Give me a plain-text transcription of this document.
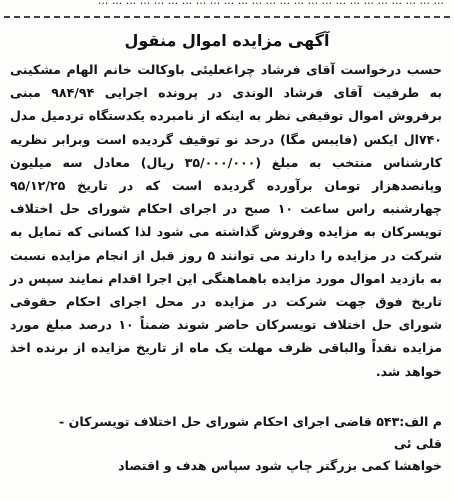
... ... ... ... ... ... ... ... ... ... ... ... ... ... ... ... ... ... ... ... ... ... ... ... ...
آگهی مزایده اموال منقول

حسب درخواست آقای فرشاد چراغعلیئی باوکالت خانم الهام مشکینی به طرفیت آقای فرشاد الوندی در پرونده اجرایی ۹۸۴/۹۴ مبنی برفروش اموال توقیفی نظر به اینکه از نامبرده یکدستگاه تردمیل مدل ۷۴۰ال ایکس (فایبس مگا) درحد نو توقیف گردیده است وبرابر نظریه کارشناس منتخب به مبلغ (۳۵/۰۰۰/۰۰۰ ریال) معادل سه میلیون وپانصدهزار تومان برآورده گردیده است که در تاریخ ۹۵/۱۲/۲۵ چهارشنبه راس ساعت ۱۰ صبح در اجرای احکام شورای حل اختلاف تویسرکان به مزایده وفروش گذاشته می شود لذا کسانی که تمایل به شرکت در مزایده را دارند می توانند ۵ روز قبل از انجام مزایده نسبت به بازدید اموال مورد مزایده باهماهنگی این اجرا اقدام نمایند سپس در تاریخ فوق جهت شرکت در مزایده در محل اجرای احکام حقوقی شورای حل اختلاف تویسرکان حاضر شوند ضمناً ۱۰ درصد مبلغ مورد مزایده نقداً والباقی ظرف مهلت یک ماه از تاریخ مزایده از برنده اخذ خواهد شد.

م الف:۵۴۳ قاضی اجرای احکام شورای حل اختلاف تویسرکان -
قلی ئی
خواهشا کمی بزرگتر چاپ شود سپاس هدف و اقتصاد
